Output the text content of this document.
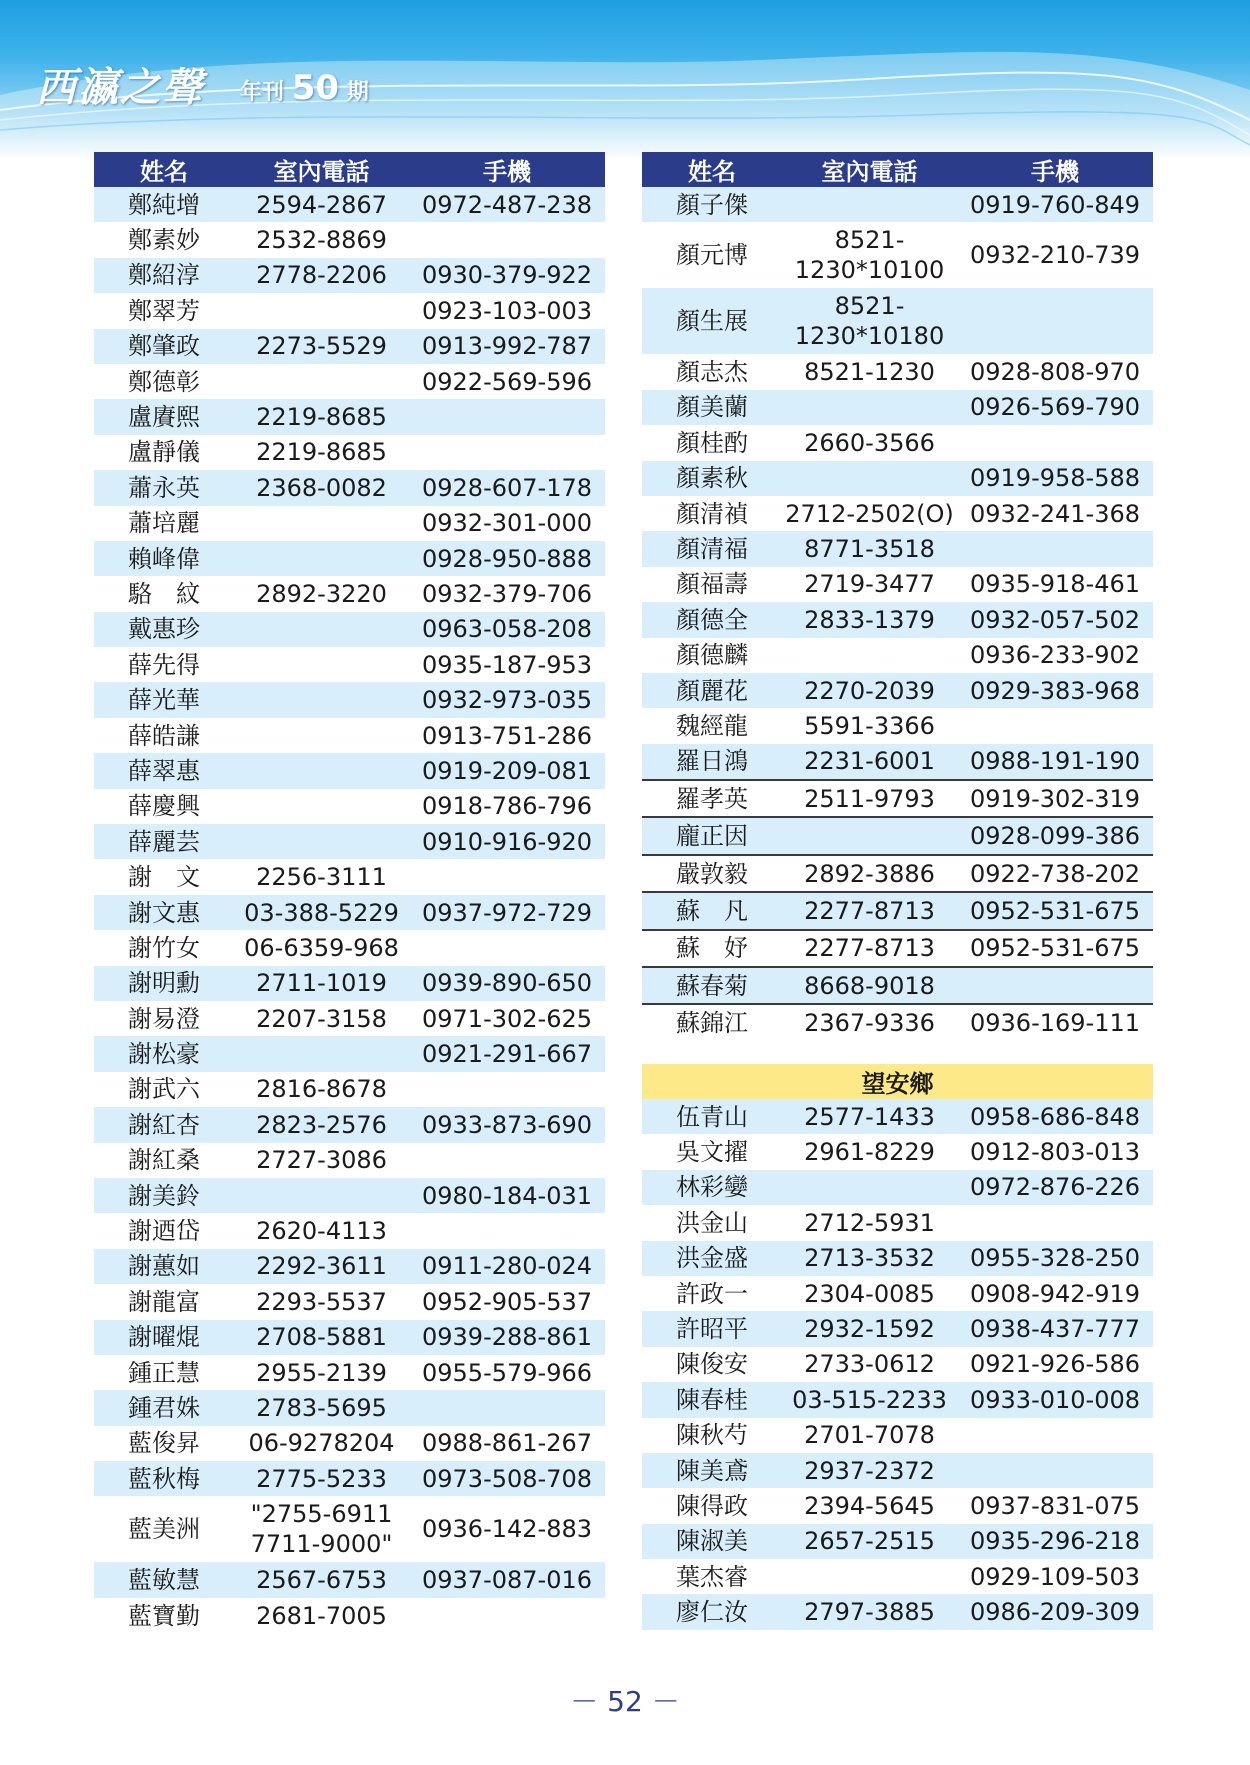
西瀛之聲 年刊 50 期
姓名	室內電話	手機
鄭純增	2594-2867	0972-487-238
鄭素妙	2532-8869	
鄭紹淳	2778-2206	0930-379-922
鄭翠芳		0923-103-003
鄭肇政	2273-5529	0913-992-787
鄭德彰		0922-569-596
盧賡熙	2219-8685	
盧靜儀	2219-8685	
蕭永英	2368-0082	0928-607-178
蕭培麗		0932-301-000
賴峰偉		0928-950-888
駱　紋	2892-3220	0932-379-706
戴惠珍		0963-058-208
薛先得		0935-187-953
薛光華		0932-973-035
薛皓謙		0913-751-286
薛翠惠		0919-209-081
薛慶興		0918-786-796
薛麗芸		0910-916-920
謝　文	2256-3111	
謝文惠	03-388-5229	0937-972-729
謝竹女	06-6359-968	
謝明勳	2711-1019	0939-890-650
謝易澄	2207-3158	0971-302-625
謝松豪		0921-291-667
謝武六	2816-8678	
謝紅杏	2823-2576	0933-873-690
謝紅桑	2727-3086	
謝美鈴		0980-184-031
謝迺岱	2620-4113	
謝蕙如	2292-3611	0911-280-024
謝龍富	2293-5537	0952-905-537
謝曜焜	2708-5881	0939-288-861
鍾正慧	2955-2139	0955-579-966
鍾君姝	2783-5695	
藍俊昇	06-9278204	0988-861-267
藍秋梅	2775-5233	0973-508-708
藍美洲	"2755-6911
7711-9000"	0936-142-883
藍敏慧	2567-6753	0937-087-016
藍寶勤	2681-7005	
姓名	室內電話	手機
顏子傑		0919-760-849
顏元博	8521-
1230*10100	0932-210-739
顏生展	8521-
1230*10180	
顏志杰	8521-1230	0928-808-970
顏美蘭		0926-569-790
顏桂酌	2660-3566	
顏素秋		0919-958-588
顏清禎	2712-2502(O)	0932-241-368
顏清福	8771-3518	
顏福壽	2719-3477	0935-918-461
顏德全	2833-1379	0932-057-502
顏德麟		0936-233-902
顏麗花	2270-2039	0929-383-968
魏經龍	5591-3366	
羅日鴻	2231-6001	0988-191-190
羅孝英	2511-9793	0919-302-319
龐正因		0928-099-386
嚴敦毅	2892-3886	0922-738-202
蘇　凡	2277-8713	0952-531-675
蘇　妤	2277-8713	0952-531-675
蘇春菊	8668-9018	
蘇錦江	2367-9336	0936-169-111
望安鄉		
伍青山	2577-1433	0958-686-848
吳文擢	2961-8229	0912-803-013
林彩孌		0972-876-226
洪金山	2712-5931	
洪金盛	2713-3532	0955-328-250
許政一	2304-0085	0908-942-919
許昭平	2932-1592	0938-437-777
陳俊安	2733-0612	0921-926-586
陳春桂	03-515-2233	0933-010-008
陳秋芍	2701-7078	
陳美鳶	2937-2372	
陳得政	2394-5645	0937-831-075
陳淑美	2657-2515	0935-296-218
葉杰睿		0929-109-503
廖仁汝	2797-3885	0986-209-309
－ 52 －
